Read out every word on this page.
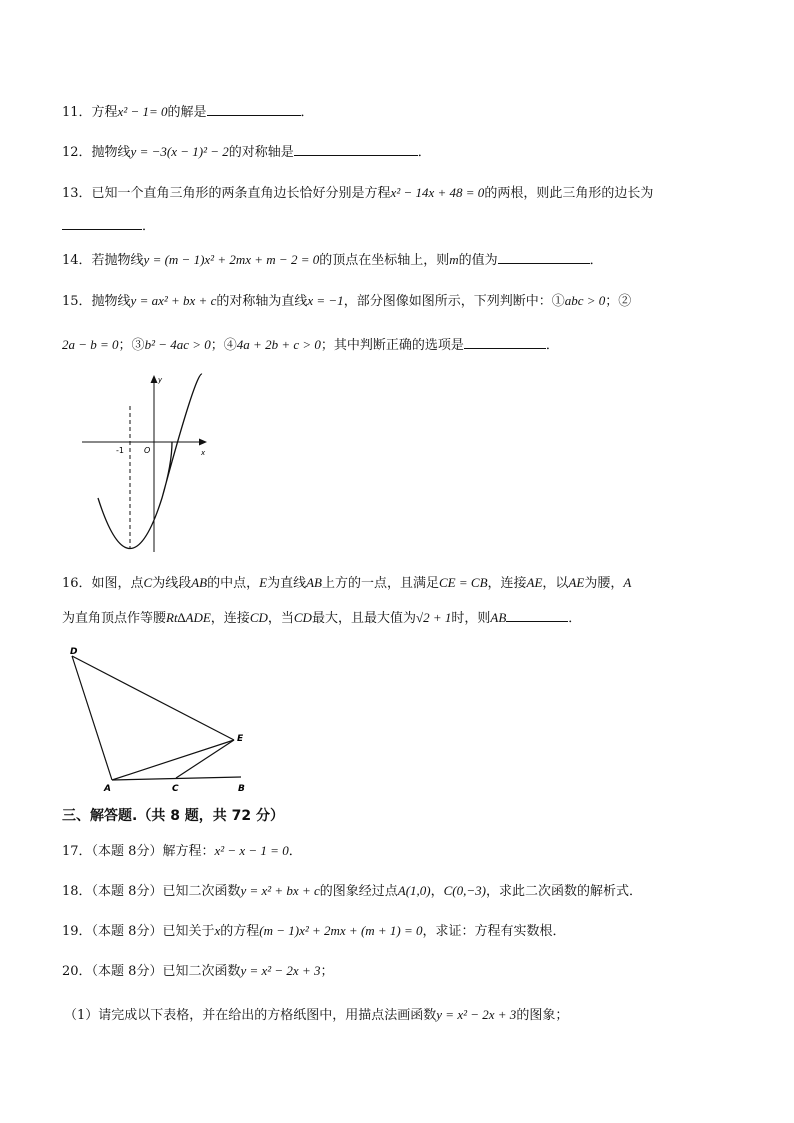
11．方程x² − 1= 0的解是	．
12．抛物线y = −3(x − 1)² − 2的对称轴是	．
13．已知一个直角三角形的两条直角边长恰好分别是方程x² − 14x + 48 = 0的两根，则此三角形的边长为
．
14．若抛物线y = (m − 1)x² + 2mx + m − 2 = 0的顶点在坐标轴上，则m的值为	．
15．抛物线y = ax² + bx + c的对称轴为直线x = −1，部分图像如图所示，下列判断中：①abc > 0；②
2a − b = 0；③b² − 4ac > 0；④4a + 2b + c > 0；其中判断正确的选项是	．
y
x
O
-1
16．如图，点C为线段AB的中点，E为直线AB上方的一点，且满足CE = CB，连接AE，以AE为腰，A
为直角顶点作等腰Rt∆ADE，连接CD，当CD最大，且最大值为√2 + 1时，则AB	．
D
E
A	C	B
三、解答题.（共 8 题，共 72 分）
17．（本题 8分）解方程：x² − x − 1 = 0．
18．（本题 8分）已知二次函数y = x² + bx + c的图象经过点A(1,0)，C(0,−3)，求此二次函数的解析式．
19．（本题 8分）已知关于x的方程(m − 1)x² + 2mx + (m + 1) = 0，求证：方程有实数根．
20．（本题 8分）已知二次函数y = x² − 2x + 3；
（1）请完成以下表格，并在给出的方格纸图中，用描点法画函数y = x² − 2x + 3的图象；
